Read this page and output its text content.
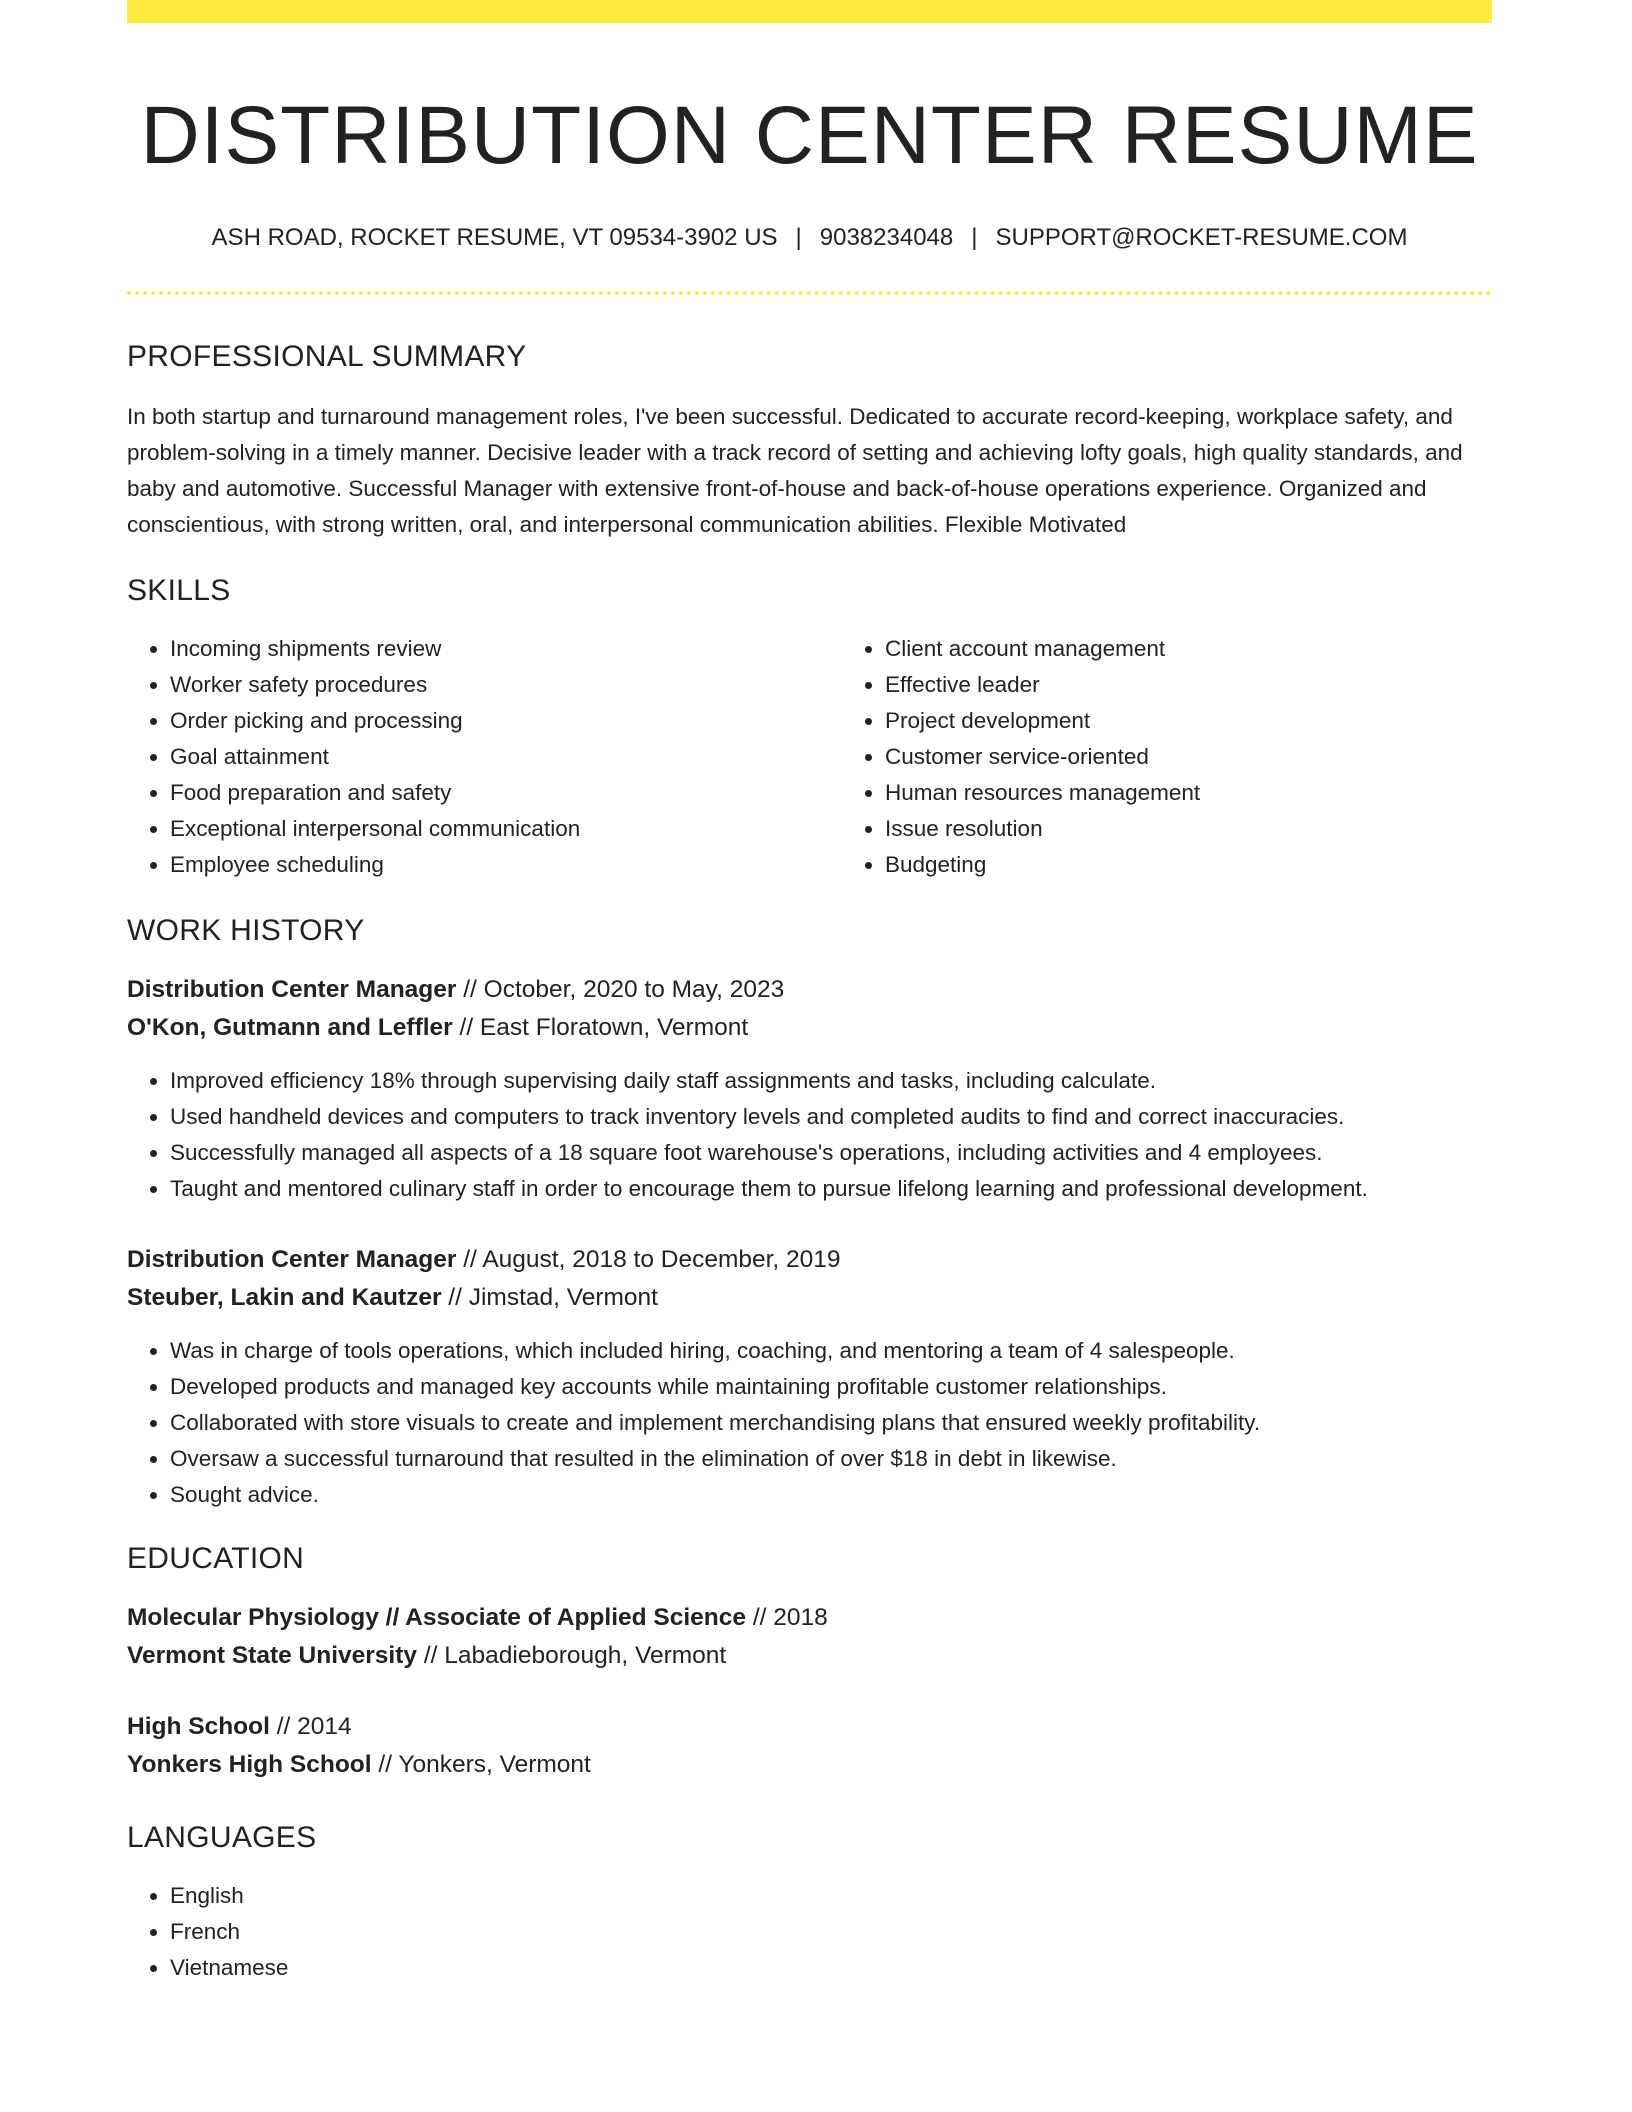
DISTRIBUTION CENTER RESUME
ASH ROAD, ROCKET RESUME, VT 09534-3902 US | 9038234048 | SUPPORT@ROCKET-RESUME.COM
PROFESSIONAL SUMMARY
In both startup and turnaround management roles, I've been successful. Dedicated to accurate record-keeping, workplace safety, and problem-solving in a timely manner. Decisive leader with a track record of setting and achieving lofty goals, high quality standards, and baby and automotive. Successful Manager with extensive front-of-house and back-of-house operations experience. Organized and conscientious, with strong written, oral, and interpersonal communication abilities. Flexible Motivated
SKILLS
• Incoming shipments review
• Worker safety procedures
• Order picking and processing
• Goal attainment
• Food preparation and safety
• Exceptional interpersonal communication
• Employee scheduling
• Client account management
• Effective leader
• Project development
• Customer service-oriented
• Human resources management
• Issue resolution
• Budgeting
WORK HISTORY
Distribution Center Manager // October, 2020 to May, 2023
O'Kon, Gutmann and Leffler // East Floratown, Vermont
• Improved efficiency 18% through supervising daily staff assignments and tasks, including calculate.
• Used handheld devices and computers to track inventory levels and completed audits to find and correct inaccuracies.
• Successfully managed all aspects of a 18 square foot warehouse's operations, including activities and 4 employees.
• Taught and mentored culinary staff in order to encourage them to pursue lifelong learning and professional development.
Distribution Center Manager // August, 2018 to December, 2019
Steuber, Lakin and Kautzer // Jimstad, Vermont
• Was in charge of tools operations, which included hiring, coaching, and mentoring a team of 4 salespeople.
• Developed products and managed key accounts while maintaining profitable customer relationships.
• Collaborated with store visuals to create and implement merchandising plans that ensured weekly profitability.
• Oversaw a successful turnaround that resulted in the elimination of over $18 in debt in likewise.
• Sought advice.
EDUCATION
Molecular Physiology // Associate of Applied Science // 2018
Vermont State University // Labadieborough, Vermont
High School // 2014
Yonkers High School // Yonkers, Vermont
LANGUAGES
• English
• French
• Vietnamese
